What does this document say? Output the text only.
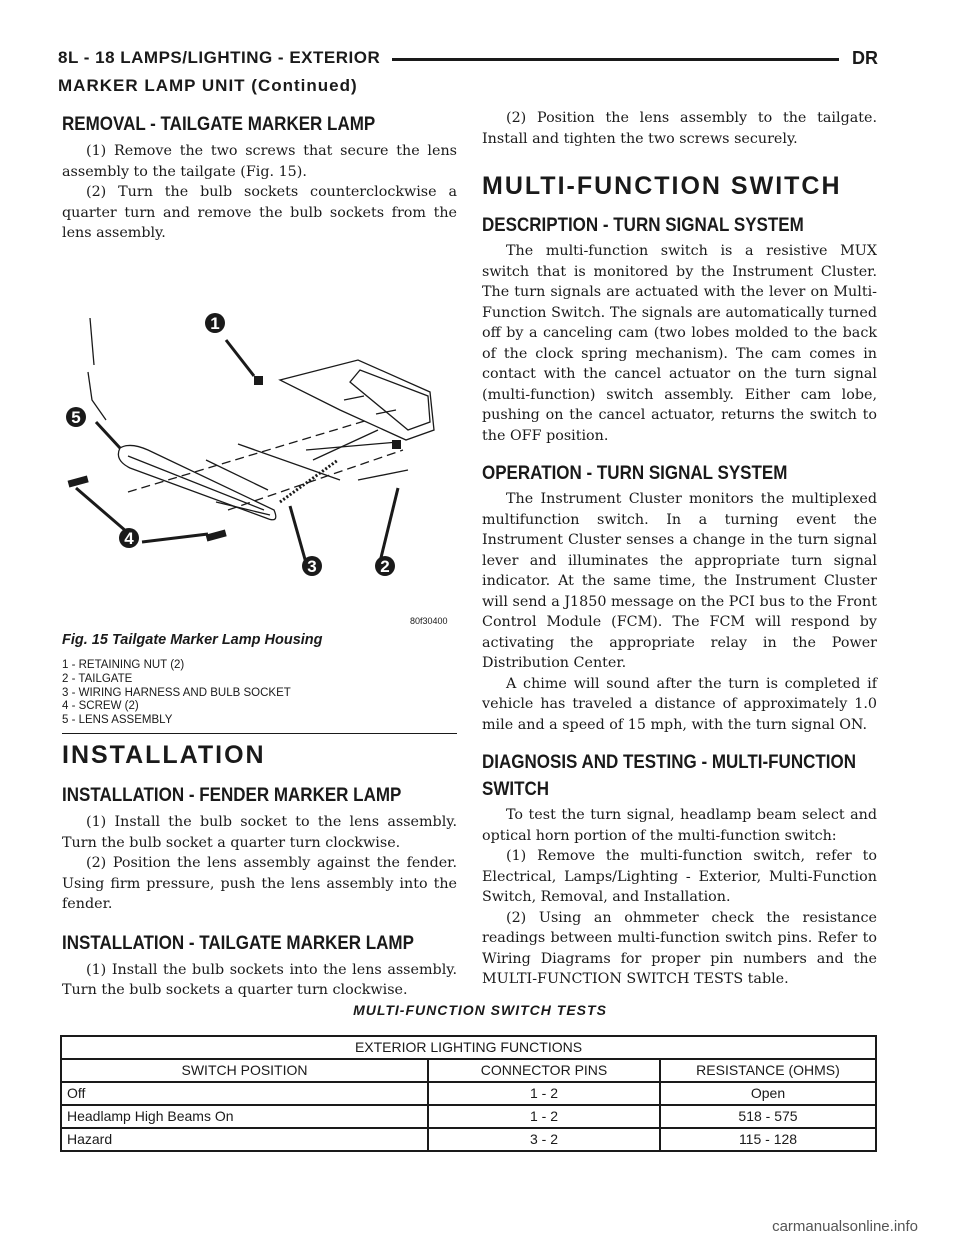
8L - 18 LAMPS/LIGHTING - EXTERIOR	DR
MARKER LAMP UNIT (Continued)
REMOVAL - TAILGATE MARKER LAMP

(1) Remove the two screws that secure the lens assembly to the tailgate (Fig. 15).

(2) Turn the bulb sockets counterclockwise a quarter turn and remove the bulb sockets from the lens assembly.

1
2
3
4
5
80f30400
Fig. 15 Tailgate Marker Lamp Housing
1 - RETAINING NUT (2)
2 - TAILGATE
3 - WIRING HARNESS AND BULB SOCKET
4 - SCREW (2)
5 - LENS ASSEMBLY
INSTALLATION
INSTALLATION - FENDER MARKER LAMP

(1) Install the bulb socket to the lens assembly. Turn the bulb socket a quarter turn clockwise.

(2) Position the lens assembly against the fender. Using firm pressure, push the lens assembly into the fender.

INSTALLATION - TAILGATE MARKER LAMP

(1) Install the bulb sockets into the lens assembly. Turn the bulb sockets a quarter turn clockwise.

(2) Position the lens assembly to the tailgate. Install and tighten the two screws securely.

MULTI-FUNCTION SWITCH
DESCRIPTION - TURN SIGNAL SYSTEM

The multi-function switch is a resistive MUX switch that is monitored by the Instrument Cluster. The turn signals are actuated with the lever on Multi-Function Switch. The signals are automatically turned off by a canceling cam (two lobes molded to the back of the clock spring mechanism). The cam comes in contact with the cancel actuator on the turn signal (multi-function) switch assembly. Either cam lobe, pushing on the cancel actuator, returns the switch to the OFF position.

OPERATION - TURN SIGNAL SYSTEM

The Instrument Cluster monitors the multiplexed multifunction switch. In a turning event the Instrument Cluster senses a change in the turn signal lever and illuminates the appropriate turn signal indicator. At the same time, the Instrument Cluster will send a J1850 message on the PCI bus to the Front Control Module (FCM). The FCM will respond by activating the appropriate relay in the Power Distribution Center.

A chime will sound after the turn is completed if vehicle has traveled a distance of approximately 1.0 mile and a speed of 15 mph, with the turn signal ON.

DIAGNOSIS AND TESTING - MULTI-FUNCTION
SWITCH

To test the turn signal, headlamp beam select and optical horn portion of the multi-function switch:

(1) Remove the multi-function switch, refer to Electrical, Lamps/Lighting - Exterior, Multi-Function Switch, Removal, and Installation.

(2) Using an ohmmeter check the resistance readings between multi-function switch pins. Refer to Wiring Diagrams for proper pin numbers and the MULTI-FUNCTION SWITCH TESTS table.

MULTI-FUNCTION SWITCH TESTS
EXTERIOR LIGHTING FUNCTIONS		
SWITCH POSITION	CONNECTOR PINS	RESISTANCE (OHMS)
Off	1 - 2	Open
Headlamp High Beams On	1 - 2	518 - 575
Hazard	3 - 2	115 - 128
carmanualsonline.info
